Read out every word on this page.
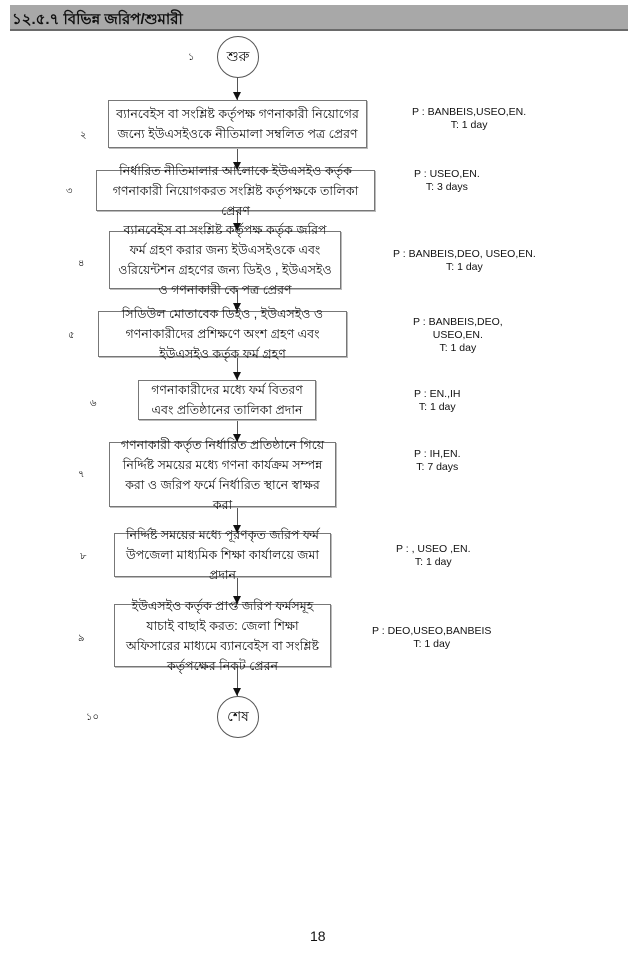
১২.৫.৭ বিভিন্ন জরিপ/শুমারী
১ শুরু
২
ব্যানবেইস বা সংশ্লিষ্ট কর্তৃপক্ষ গণনাকারী নিয়োগের জন্যে ইউএসইওকে নীতিমালা সম্বলিত পত্র প্রেরণ
P : BANBEIS,USEO,EN.
T: 1 day
৩
নির্ধারিত নীতিমালার আলোকে ইউএসইও কর্তৃক গণনাকারী নিয়োগকরত সংশ্লিষ্ট কর্তৃপক্ষকে তালিকা প্রেরণ
P : USEO,EN.
T: 3 days
৪
ব্যানবেইস বা সংশ্লিষ্ট কর্তৃপক্ষ কর্তৃক জরিপ ফর্ম গ্রহণ করার জন্য ইউএসইওকে এবং ওরিয়েন্টশন গ্রহণের জন্য ডিইও , ইউএসইও ও গণনাকারী কে পত্র প্রেরণ
P : BANBEIS,DEO, USEO,EN.
T: 1 day
৫
সিডিউল মোতাবেক ডিইও , ইউএসইও ও গণনাকারীদের প্রশিক্ষণে অংশ গ্রহণ এবং ইউএসইও কর্তৃক ফর্ম গ্রহণ
P : BANBEIS,DEO,
USEO,EN.
T: 1 day
৬
গণনাকারীদের মধ্যে ফর্ম বিতরণ এবং প্রতিষ্ঠানের তালিকা প্রদান
P : EN.,IH
T: 1 day
৭
গণনাকারী কর্তৃত নির্ধারিত প্রতিষ্ঠানে গিয়ে নির্দ্দিষ্ট সময়ের মধ্যে গণনা কার্যক্রম সম্পন্ন করা ও জরিপ ফর্মে নির্ধারিত স্থানে স্বাক্ষর করা
P : IH,EN.
T: 7 days
৮
নির্দ্দিষ্ট সময়ের মধ্যে পূরণকৃত জরিপ ফর্ম উপজেলা মাধ্যমিক শিক্ষা কার্যালয়ে জমা প্রদান
P : , USEO ,EN.
T: 1 day
৯
ইউএসইও কর্তৃক প্রাপ্ত জরিপ ফর্মসমূহ যাচাই বাছাই করত: জেলা শিক্ষা অফিসারের মাধ্যমে ব্যানবেইস বা সংশ্লিষ্ট কর্তৃপক্ষের নিকট প্রেরন
P : DEO,USEO,BANBEIS
T: 1 day
১০	শেষ
18
